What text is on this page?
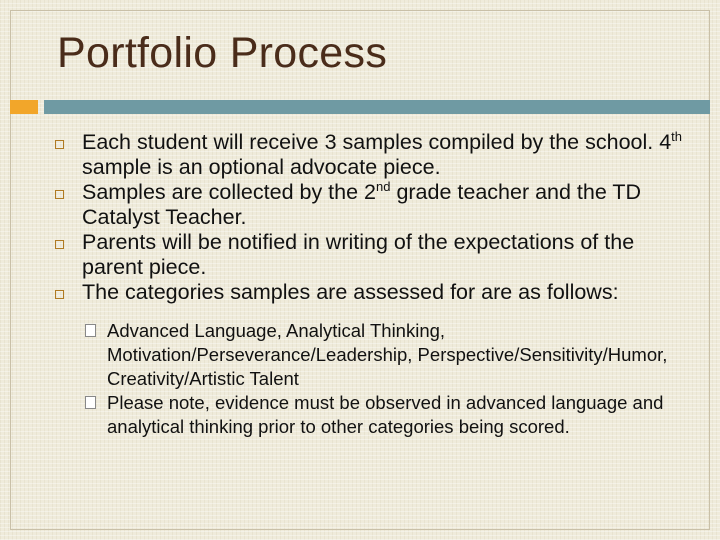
Portfolio Process
Each student will receive 3 samples compiled by the school. 4th sample is an optional advocate piece.
Samples are collected by the 2nd grade teacher and the TD Catalyst Teacher.
Parents will be notified in writing of the expectations of the parent piece.
The categories samples are assessed for are as follows:
Advanced Language, Analytical Thinking, Motivation/Perseverance/Leadership, Perspective/Sensitivity/Humor, Creativity/Artistic Talent
Please note, evidence must be observed in advanced language and analytical thinking prior to other categories being scored.
